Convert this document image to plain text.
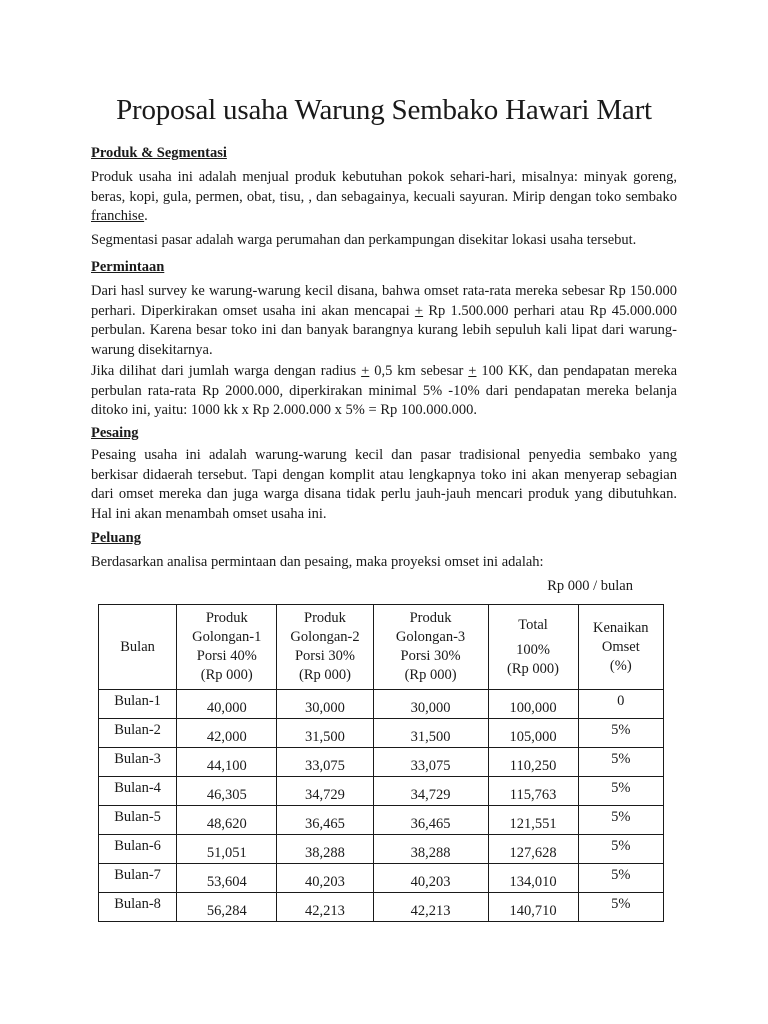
Proposal usaha Warung Sembako Hawari Mart
Produk & Segmentasi

Produk usaha ini adalah menjual produk kebutuhan pokok sehari-hari, misalnya: minyak goreng, beras, kopi, gula, permen, obat, tisu, , dan sebagainya, kecuali sayuran. Mirip dengan toko sembako franchise.

Segmentasi pasar adalah warga perumahan dan perkampungan disekitar lokasi usaha tersebut.

Permintaan

Dari hasl survey ke warung-warung kecil disana, bahwa omset rata-rata mereka sebesar Rp 150.000 perhari. Diperkirakan omset usaha ini akan mencapai + Rp 1.500.000 perhari atau Rp 45.000.000 perbulan. Karena besar toko ini dan banyak barangnya kurang lebih sepuluh kali lipat dari warung-warung disekitarnya.

Jika dilihat dari jumlah warga dengan radius + 0,5 km sebesar + 100 KK, dan pendapatan mereka perbulan rata-rata Rp 2000.000, diperkirakan minimal 5% -10% dari pendapatan mereka belanja ditoko ini, yaitu: 1000 kk x Rp 2.000.000 x 5% = Rp 100.000.000.

Pesaing

Pesaing usaha ini adalah warung-warung kecil dan pasar tradisional penyedia sembako yang berkisar didaerah tersebut. Tapi dengan komplit atau lengkapnya toko ini akan menyerap sebagian dari omset mereka dan juga warga disana tidak perlu jauh-jauh mencari produk yang dibutuhkan. Hal ini akan menambah omset usaha ini.

Peluang

Berdasarkan analisa permintaan dan pesaing, maka proyeksi omset ini adalah:

Rp 000 / bulan
Bulan	Produk
Golongan-1
Porsi 40%
(Rp 000)	Produk
Golongan-2
Porsi 30%
(Rp 000)	Produk
Golongan-3
Porsi 30%
(Rp 000)	Total
100%
(Rp 000)	Kenaikan
Omset
(%)

Bulan-1	40,000	30,000	30,000	100,000	0
Bulan-2	42,000	31,500	31,500	105,000	5%
Bulan-3	44,100	33,075	33,075	110,250	5%
Bulan-4	46,305	34,729	34,729	115,763	5%
Bulan-5	48,620	36,465	36,465	121,551	5%
Bulan-6	51,051	38,288	38,288	127,628	5%
Bulan-7	53,604	40,203	40,203	134,010	5%
Bulan-8	56,284	42,213	42,213	140,710	5%
